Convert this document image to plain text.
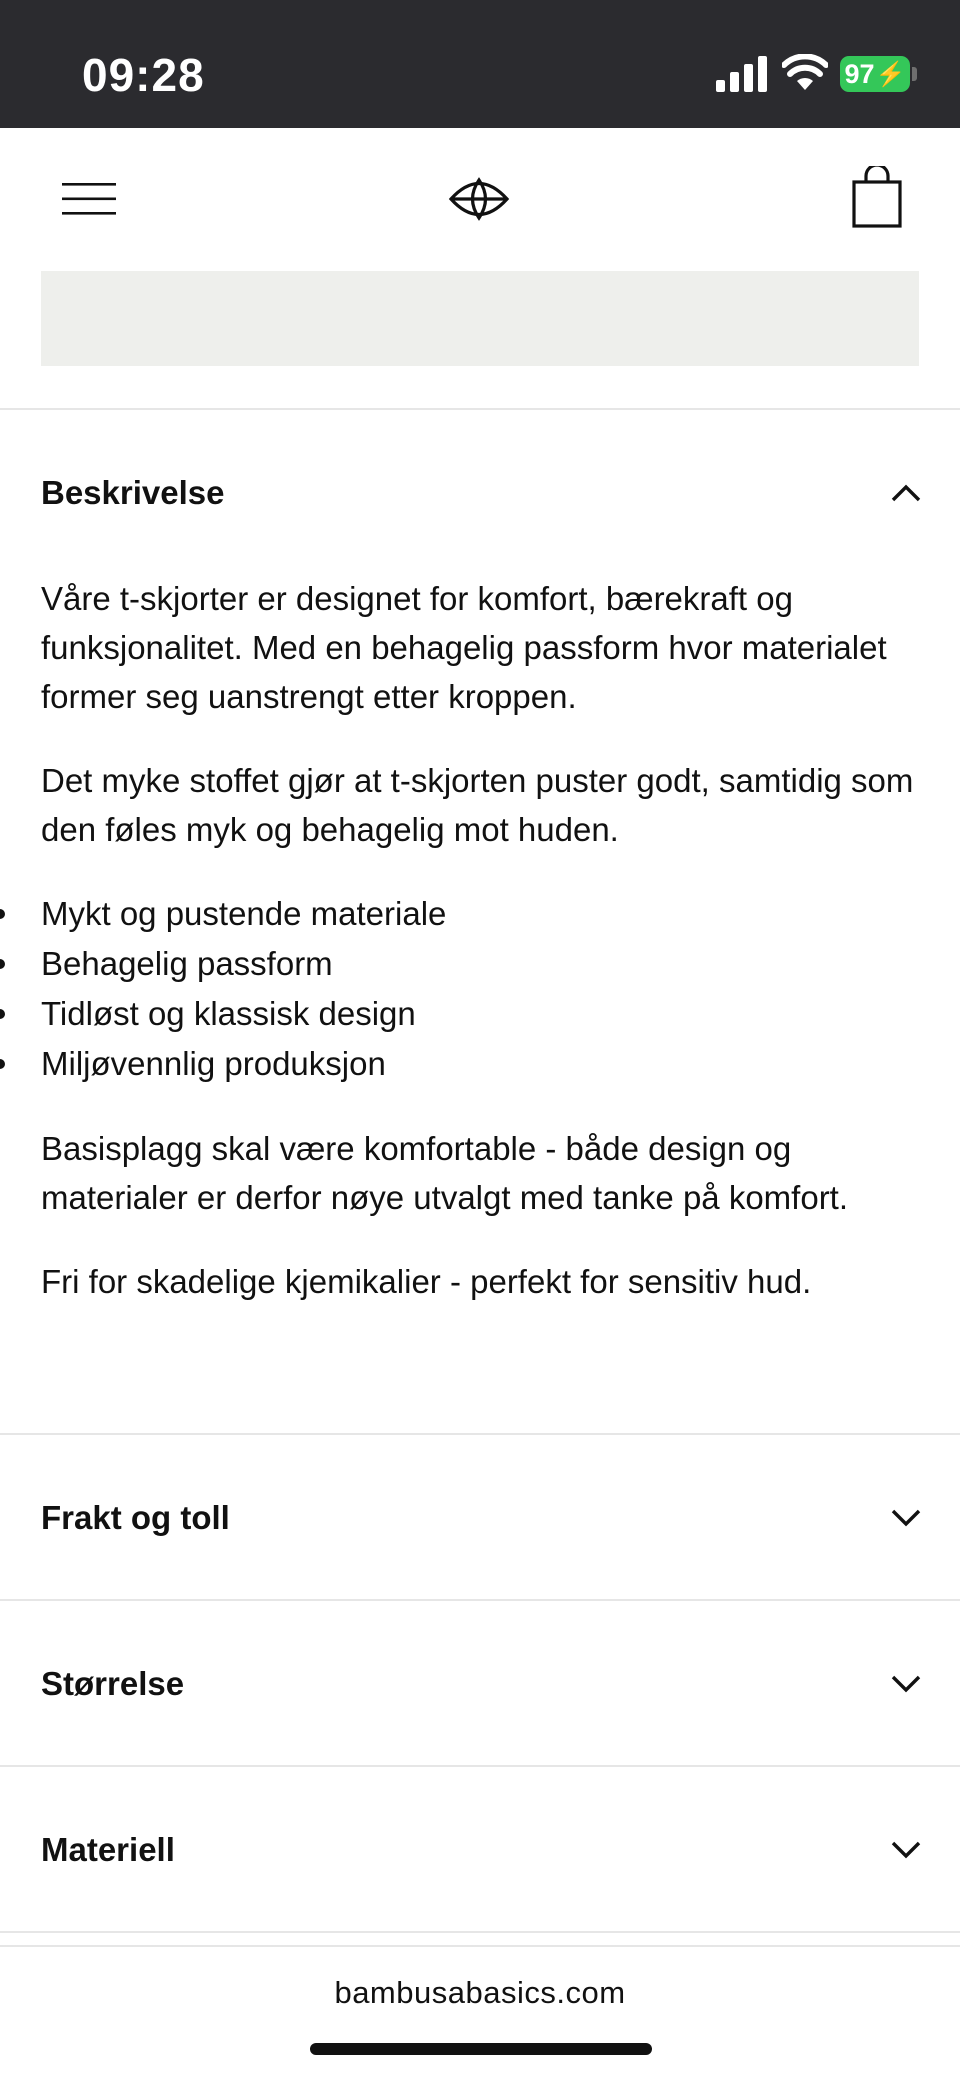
09:28	97 ⚡
Beskrivelse

Våre t-skjorter er designet for komfort, bærekraft og funksjonalitet. Med en behagelig passform hvor materialet former seg uanstrengt etter kroppen.

Det myke stoffet gjør at t-skjorten puster godt, samtidig som den føles myk og behagelig mot huden.

Mykt og pustende materiale
Behagelig passform
Tidløst og klassisk design
Miljøvennlig produksjon

Basisplagg skal være komfortable - både design og materialer er derfor nøye utvalgt med tanke på komfort.

Fri for skadelige kjemikalier - perfekt for sensitiv hud.

Frakt og toll
Størrelse
Materiell
bambusabasics.com
